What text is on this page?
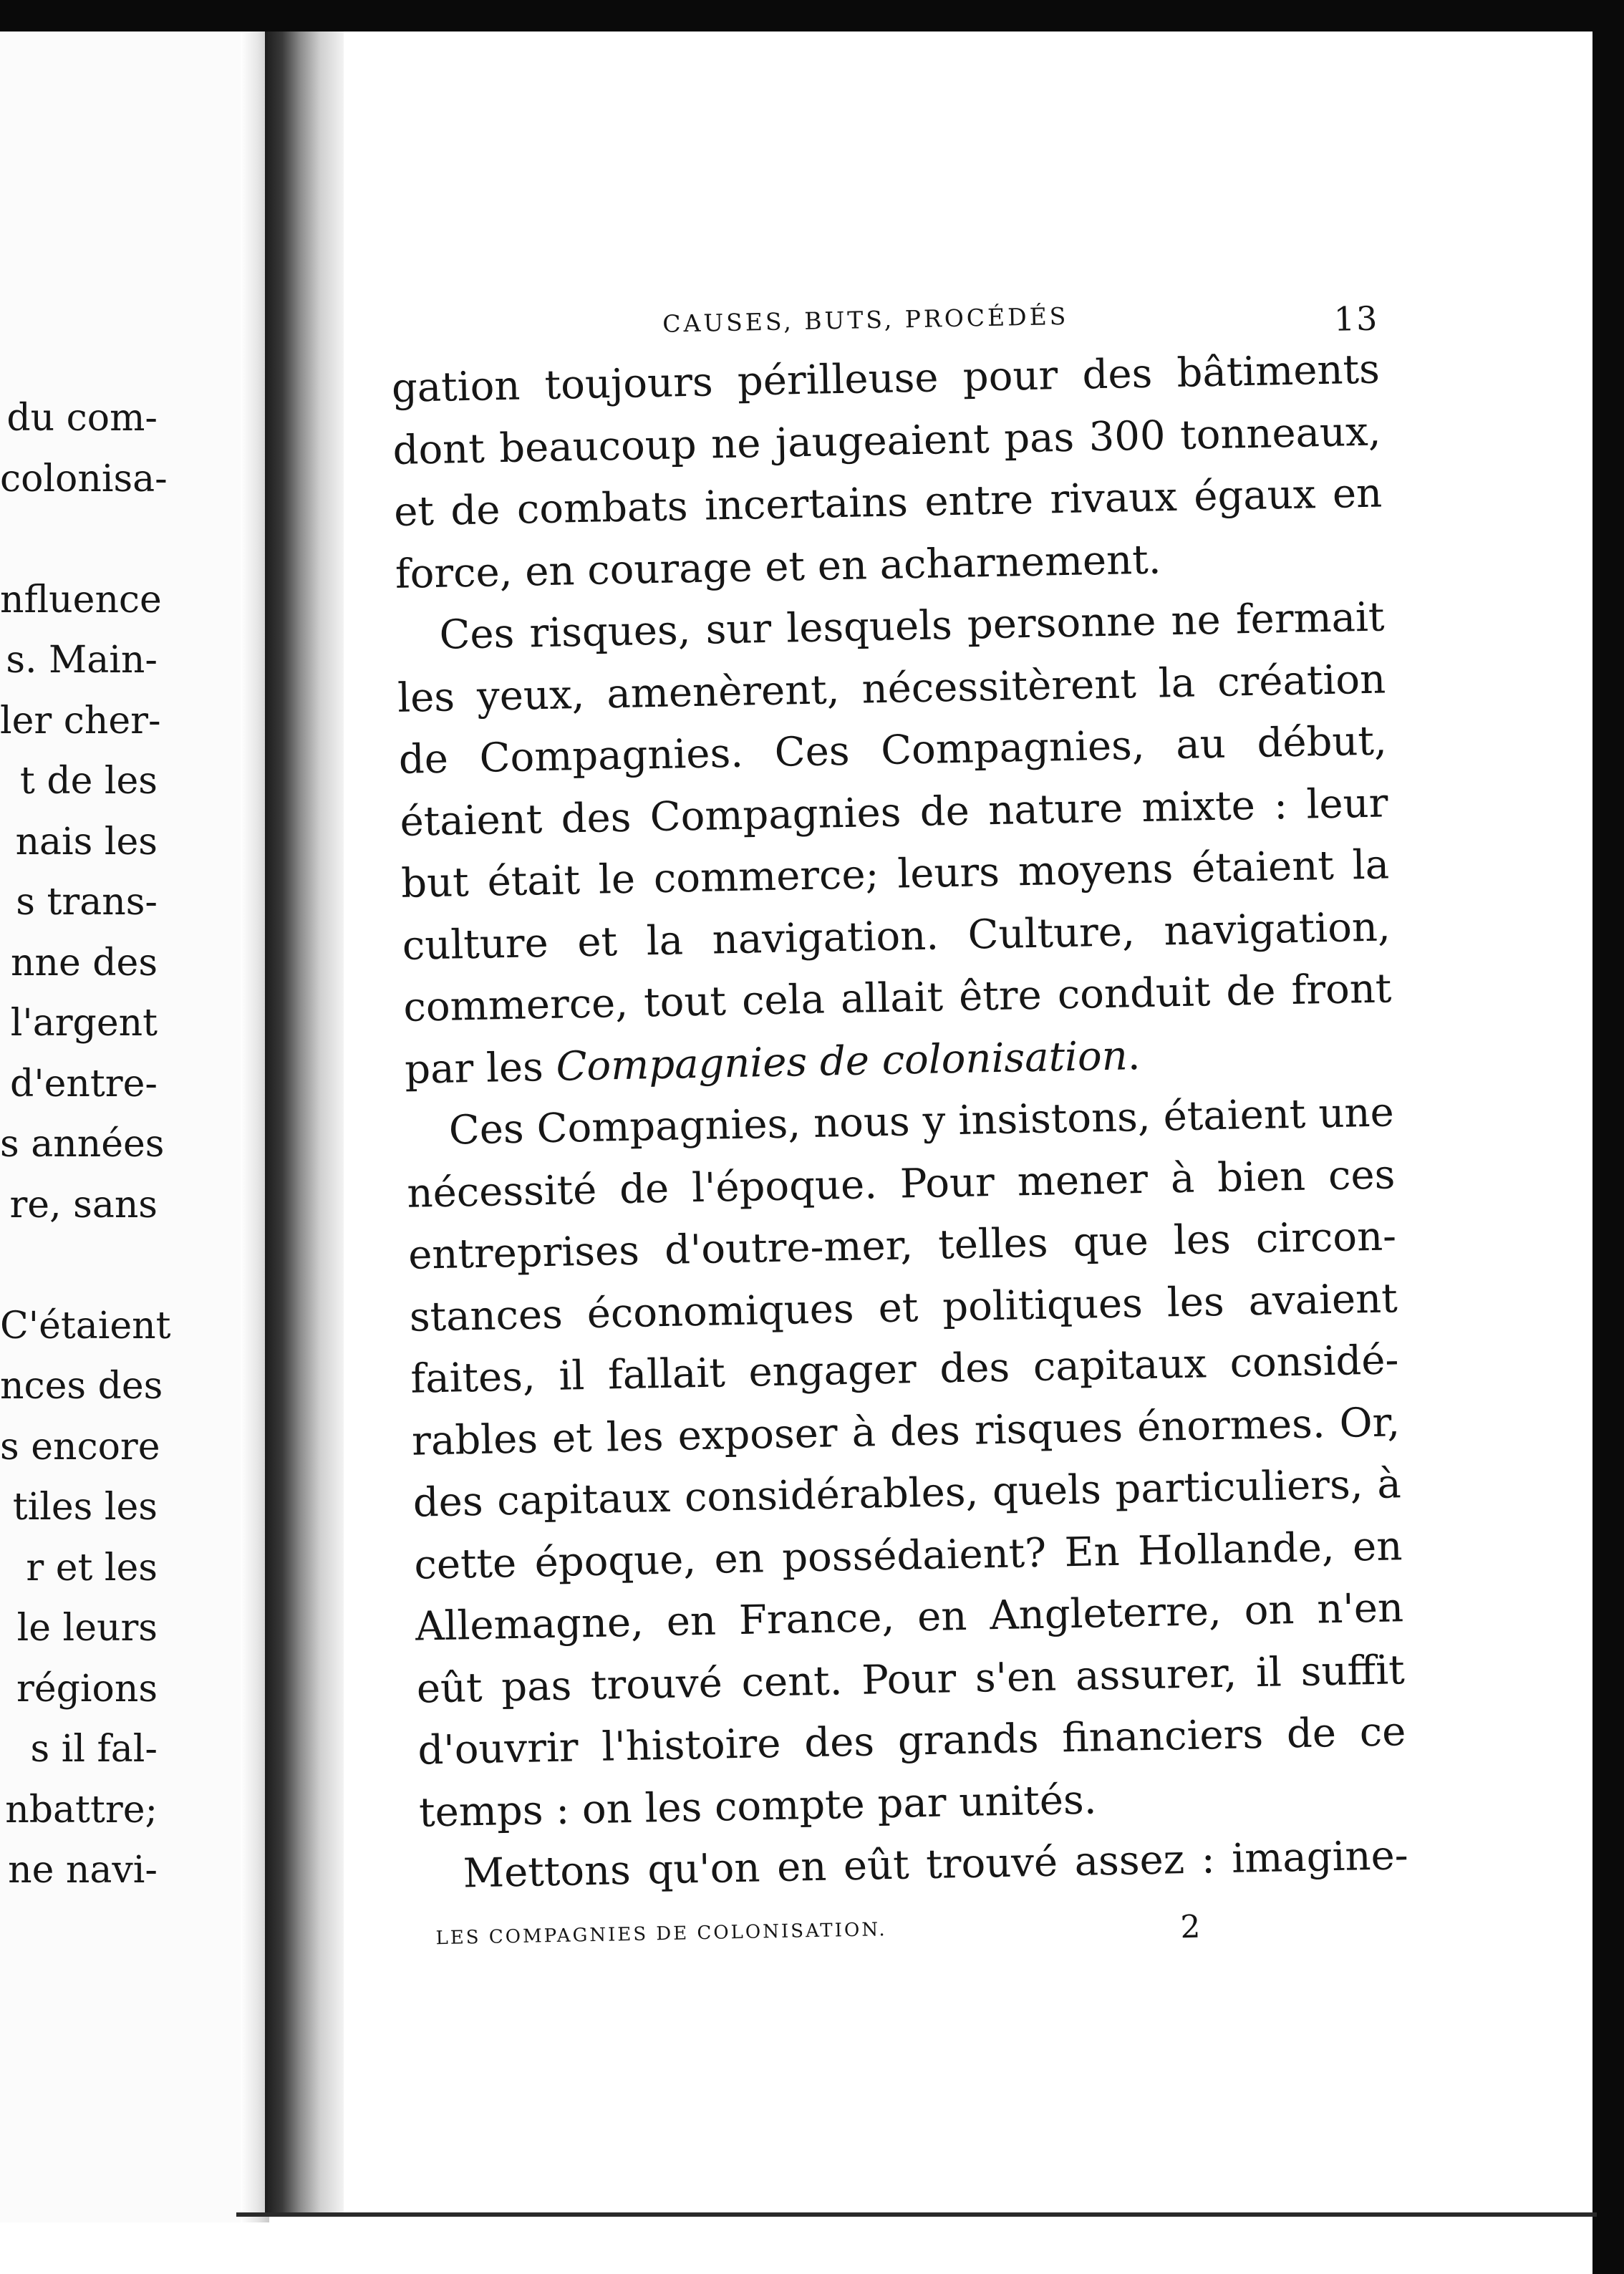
du com-
colonisa-
nfluence
s. Main-
ler cher-
t de les
nais les
s trans-
nne des
l'argent
d'entre-
s années
re, sans
C'étaient
nces des
s encore
tiles les
r et les
le leurs
régions
s il fal-
nbattre;
ne navi-
CAUSES, BUTS, PROCÉDÉS	13
gation toujours périlleuse pour des bâtiments
dont beaucoup ne jaugeaient pas 300 tonneaux,
et de combats incertains entre rivaux égaux en
force, en courage et en acharnement.
Ces risques, sur lesquels personne ne fermait
les yeux, amenèrent, nécessitèrent la création
de Compagnies. Ces Compagnies, au début,
étaient des Compagnies de nature mixte : leur
but était le commerce; leurs moyens étaient la
culture et la navigation. Culture, navigation,
commerce, tout cela allait être conduit de front
par les Compagnies de colonisation.
Ces Compagnies, nous y insistons, étaient une
nécessité de l'époque. Pour mener à bien ces
entreprises d'outre-mer, telles que les circon-
stances économiques et politiques les avaient
faites, il fallait engager des capitaux considé-
rables et les exposer à des risques énormes. Or,
des capitaux considérables, quels particuliers, à
cette époque, en possédaient? En Hollande, en
Allemagne, en France, en Angleterre, on n'en
eût pas trouvé cent. Pour s'en assurer, il suffit
d'ouvrir l'histoire des grands financiers de ce
temps : on les compte par unités.
Mettons qu'on en eût trouvé assez : imagine-
LES COMPAGNIES DE COLONISATION.	2
